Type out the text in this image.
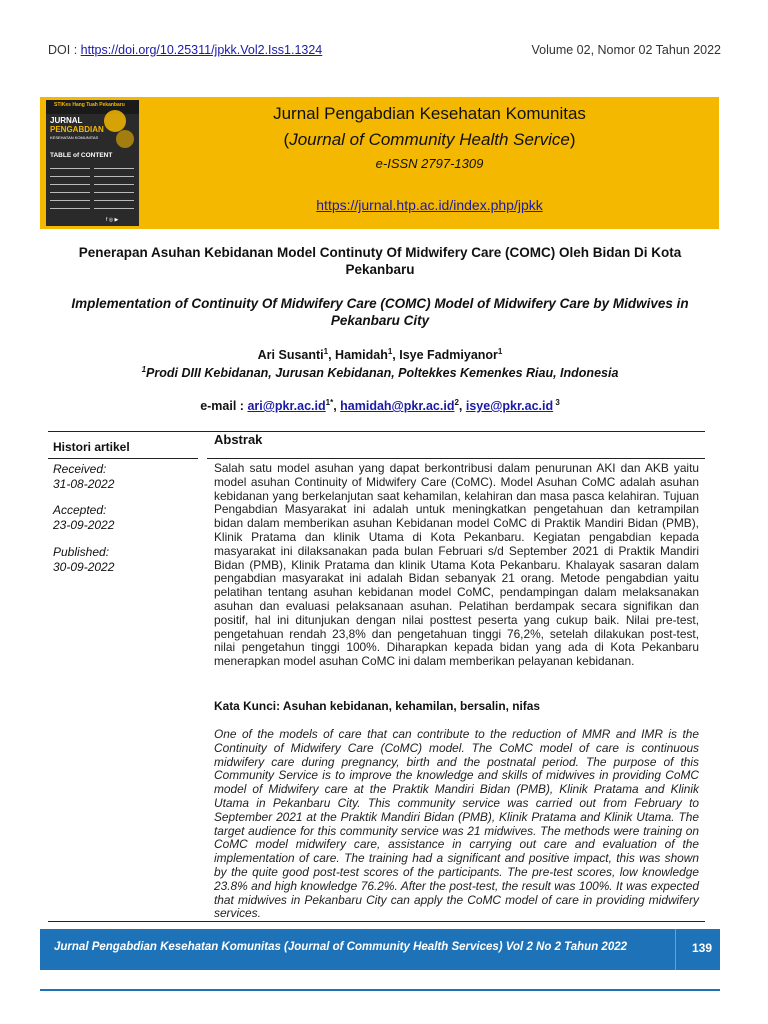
DOI : https://doi.org/10.25311/jpkk.Vol2.Iss1.1324	Volume 02, Nomor 02 Tahun 2022
STIKes Hang Tuah Pekanbaru
JURNAL
PENGABDIAN
KESEHATAN KOMUNITAS
TABLE of CONTENT
f ◎ ▶
Jurnal Pengabdian Kesehatan Komunitas
(Journal of Community Health Service)
e-ISSN 2797-1309
https://jurnal.htp.ac.id/index.php/jpkk
Penerapan Asuhan Kebidanan Model Continuty Of Midwifery Care (COMC) Oleh Bidan Di Kota Pekanbaru
Implementation of Continuity Of Midwifery Care (COMC) Model of Midwifery Care by Midwives in Pekanbaru City
Ari Susanti$^1$, Hamidah$^1$, Isye Fadmiyanor$^1$
$^1$Prodi DIII Kebidanan, Jurusan Kebidanan, Poltekkes Kemenkes Riau, Indonesia
e-mail : $ari@pkr.ac.id^{1*}$, $hamidah@pkr.ac.id^2$, isye@pkr.ac.id $^3$
Histori artikel
Received:
31-08-2022
Accepted:
23-09-2022
Published:
30-09-2022
Abstrak
Salah satu model asuhan yang dapat berkontribusi dalam penurunan AKI dan AKB yaitu model asuhan Continuity of Midwifery Care (CoMC). Model Asuhan CoMC adalah asuhan kebidanan yang berkelanjutan saat kehamilan, kelahiran dan masa pasca kelahiran. Tujuan Pengabdian Masyarakat ini adalah untuk meningkatkan pengetahuan dan ketrampilan bidan dalam memberikan asuhan Kebidanan model CoMC di Praktik Mandiri Bidan (PMB), Klinik Pratama dan klinik Utama di Kota Pekanbaru. Kegiatan pengabdian kepada masyarakat ini dilaksanakan pada bulan Februari s/d September 2021 di Praktik Mandiri Bidan (PMB), Klinik Pratama dan klinik Utama Kota Pekanbaru. Khalayak sasaran dalam pengabdian masyarakat ini adalah Bidan sebanyak 21 orang. Metode pengabdian yaitu pelatihan tentang asuhan kebidanan model CoMC, pendampingan dalam melaksanakan asuhan dan evaluasi pelaksanaan asuhan. Pelatihan berdampak secara signifikan dan positif, hal ini ditunjukan dengan nilai posttest peserta yang cukup baik. Nilai pre-test, pengetahuan rendah 23,8% dan pengetahuan tinggi 76,2%, setelah dilakukan post-test, nilai pengetahun tinggi 100%. Diharapkan kepada bidan yang ada di Kota Pekanbaru menerapkan model asuhan CoMC ini dalam memberikan pelayanan kebidanan.
Kata Kunci: Asuhan kebidanan, kehamilan, bersalin, nifas
One of the models of care that can contribute to the reduction of MMR and IMR is the Continuity of Midwifery Care (CoMC) model. The CoMC model of care is continuous midwifery care during pregnancy, birth and the postnatal period. The purpose of this Community Service is to improve the knowledge and skills of midwives in providing CoMC model of Midwifery care at the Praktik Mandiri Bidan (PMB), Klinik Pratama and Klinik Utama in Pekanbaru City. This community service was carried out from February to September 2021 at the Praktik Mandiri Bidan (PMB), Klinik Pratama and Klinik Utama. The target audience for this community service was 21 midwives. The methods were training on CoMC model midwifery care, assistance in carrying out care and evaluation of the implementation of care. The training had a significant and positive impact, this was shown by the quite good post-test scores of the participants. The pre-test scores, low knowledge 23.8% and high knowledge 76.2%. After the post-test, the result was 100%. It was expected that midwives in Pekanbaru City can apply the CoMC model of care in providing midwifery services.
Jurnal Pengabdian Kesehatan Komunitas (Journal of Community Health Services) Vol 2 No 2 Tahun 2022	139
